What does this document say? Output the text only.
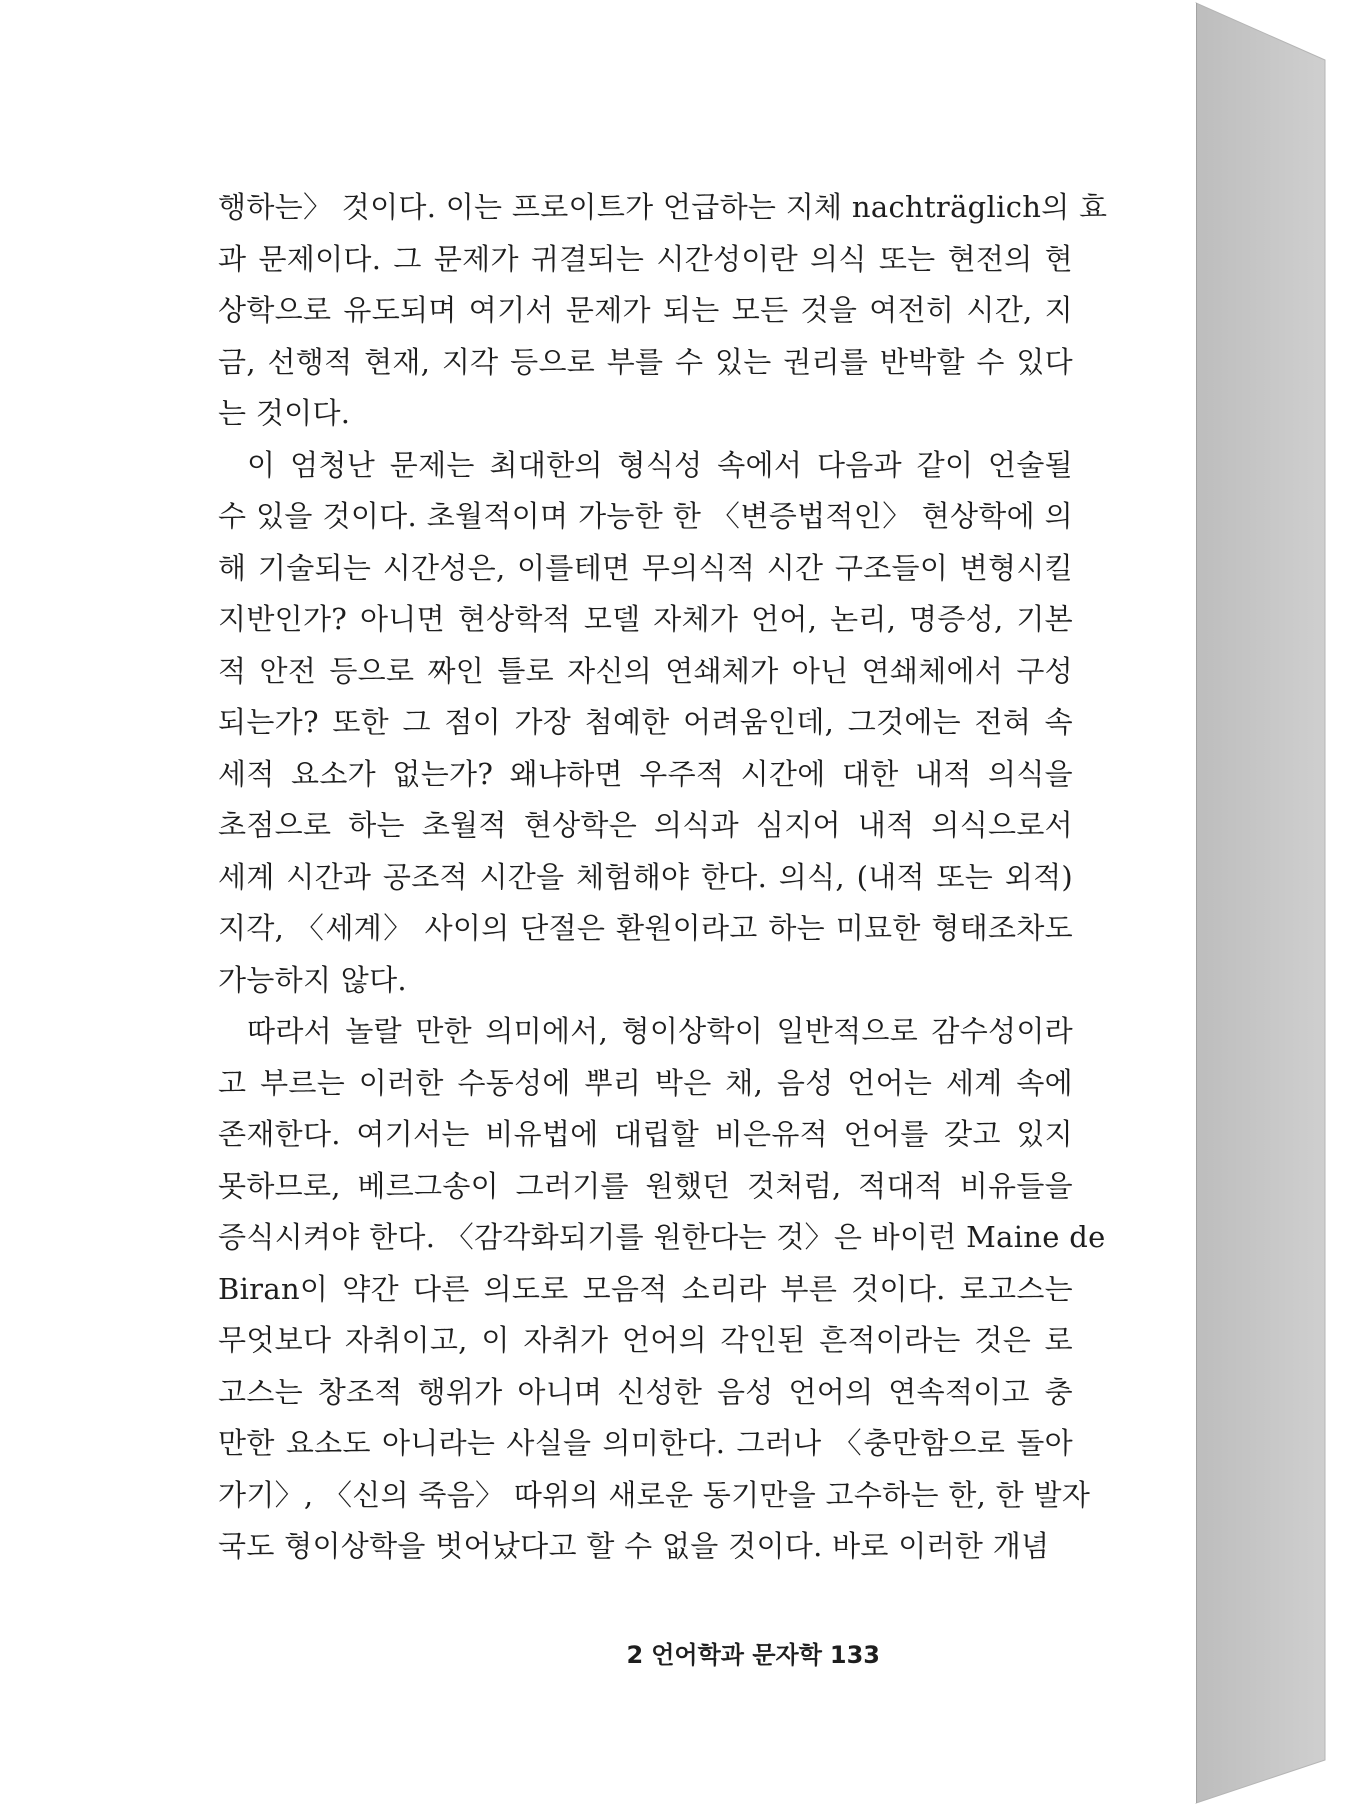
행하는〉 것이다. 이는 프로이트가 언급하는 지체 nachträglich의 효
과 문제이다. 그 문제가 귀결되는 시간성이란 의식 또는 현전의 현
상학으로 유도되며 여기서 문제가 되는 모든 것을 여전히 시간, 지
금, 선행적 현재, 지각 등으로 부를 수 있는 권리를 반박할 수 있다
는 것이다.
이 엄청난 문제는 최대한의 형식성 속에서 다음과 같이 언술될
수 있을 것이다. 초월적이며 가능한 한 〈변증법적인〉 현상학에 의
해 기술되는 시간성은, 이를테면 무의식적 시간 구조들이 변형시킬
지반인가? 아니면 현상학적 모델 자체가 언어, 논리, 명증성, 기본
적 안전 등으로 짜인 틀로 자신의 연쇄체가 아닌 연쇄체에서 구성
되는가? 또한 그 점이 가장 첨예한 어려움인데, 그것에는 전혀 속
세적 요소가 없는가? 왜냐하면 우주적 시간에 대한 내적 의식을
초점으로 하는 초월적 현상학은 의식과 심지어 내적 의식으로서
세계 시간과 공조적 시간을 체험해야 한다. 의식, (내적 또는 외적)
지각, 〈세계〉 사이의 단절은 환원이라고 하는 미묘한 형태조차도
가능하지 않다.
따라서 놀랄 만한 의미에서, 형이상학이 일반적으로 감수성이라
고 부르는 이러한 수동성에 뿌리 박은 채, 음성 언어는 세계 속에
존재한다. 여기서는 비유법에 대립할 비은유적 언어를 갖고 있지
못하므로, 베르그송이 그러기를 원했던 것처럼, 적대적 비유들을
증식시켜야 한다. 〈감각화되기를 원한다는 것〉은 바이런 Maine de
Biran이 약간 다른 의도로 모음적 소리라 부른 것이다. 로고스는
무엇보다 자취이고, 이 자취가 언어의 각인된 흔적이라는 것은 로
고스는 창조적 행위가 아니며 신성한 음성 언어의 연속적이고 충
만한 요소도 아니라는 사실을 의미한다. 그러나 〈충만함으로 돌아
가기〉, 〈신의 죽음〉 따위의 새로운 동기만을 고수하는 한, 한 발자
국도 형이상학을 벗어났다고 할 수 없을 것이다. 바로 이러한 개념
2 언어학과 문자학 133
